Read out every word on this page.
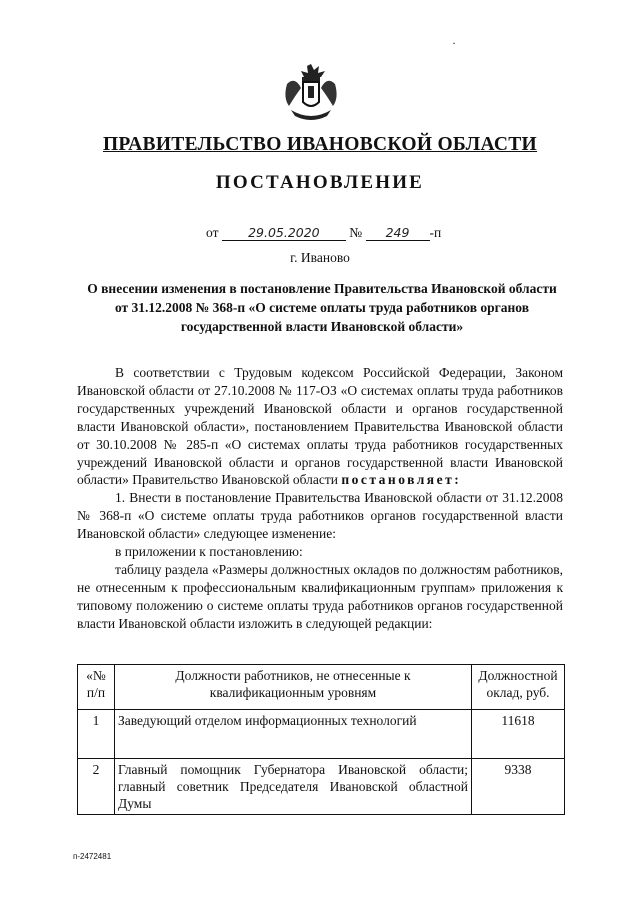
·
ПРАВИТЕЛЬСТВО ИВАНОВСКОЙ ОБЛАСТИ
ПОСТАНОВЛЕНИЕ
от 29.05.2020 № 249 -п
г. Иваново
О внесении изменения в постановление Правительства Ивановской области от 31.12.2008 № 368-п «О системе оплаты труда работников органов государственной власти Ивановской области»

В соответствии с Трудовым кодексом Российской Федерации, Законом Ивановской области от 27.10.2008 № 117-ОЗ «О системах оплаты труда работников государственных учреждений Ивановской области и органов государственной власти Ивановской области», постановлением Правительства Ивановской области от 30.10.2008 № 285-п «О системах оплаты труда работников государственных учреждений Ивановской области и органов государственной власти Ивановской области» Правительство Ивановской области постановляет:

1. Внести в постановление Правительства Ивановской области от 31.12.2008 № 368-п «О системе оплаты труда работников органов государственной власти Ивановской области» следующее изменение:

в приложении к постановлению:

таблицу раздела «Размеры должностных окладов по должностям работников, не отнесенным к профессиональным квалификационным группам» приложения к типовому положению о системе оплаты труда работников органов государственной власти Ивановской области изложить в следующей редакции:

«№ п/п	Должности работников, не отнесенные к квалификационным уровням	Должностной оклад, руб.
1	Заведующий отделом информационных технологий	11618
2	Главный помощник Губернатора Ивановской области; главный советник Председателя Ивановской областной Думы	9338
п-2472481
